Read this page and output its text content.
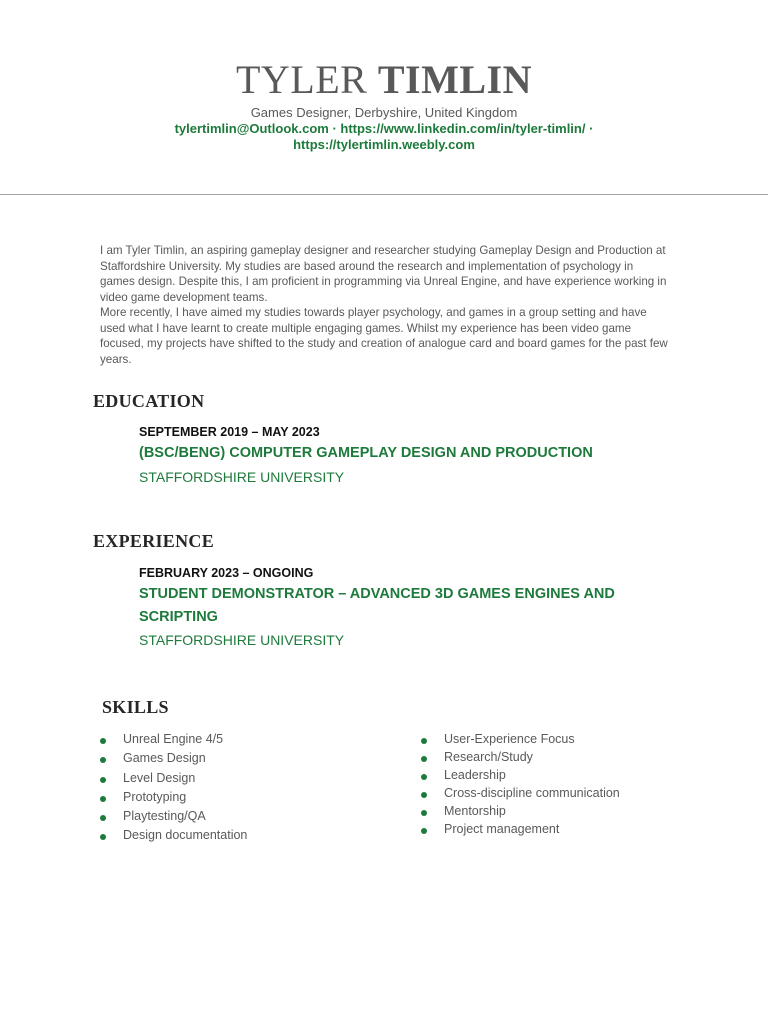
TYLER TIMLIN
Games Designer, Derbyshire, United Kingdom
tylertimlin@Outlook.com · https://www.linkedin.com/in/tyler-timlin/ ·
https://tylertimlin.weebly.com

I am Tyler Timlin, an aspiring gameplay designer and researcher studying Gameplay Design and Production at Staffordshire University. My studies are based around the research and implementation of psychology in games design. Despite this, I am proficient in programming via Unreal Engine, and have experience working in video game development teams.

More recently, I have aimed my studies towards player psychology, and games in a group setting and have used what I have learnt to create multiple engaging games. Whilst my experience has been video game focused, my projects have shifted to the study and creation of analogue card and board games for the past few years.

EDUCATION
SEPTEMBER 2019 – MAY 2023
(BSC/BENG) COMPUTER GAMEPLAY DESIGN AND PRODUCTION
STAFFORDSHIRE UNIVERSITY
EXPERIENCE
FEBRUARY 2023 – ONGOING
STUDENT DEMONSTRATOR – ADVANCED 3D GAMES ENGINES AND SCRIPTING
STAFFORDSHIRE UNIVERSITY
SKILLS
Unreal Engine 4/5
Games Design
Level Design
Prototyping
Playtesting/QA
Design documentation
User-Experience Focus
Research/Study
Leadership
Cross-discipline communication
Mentorship
Project management
